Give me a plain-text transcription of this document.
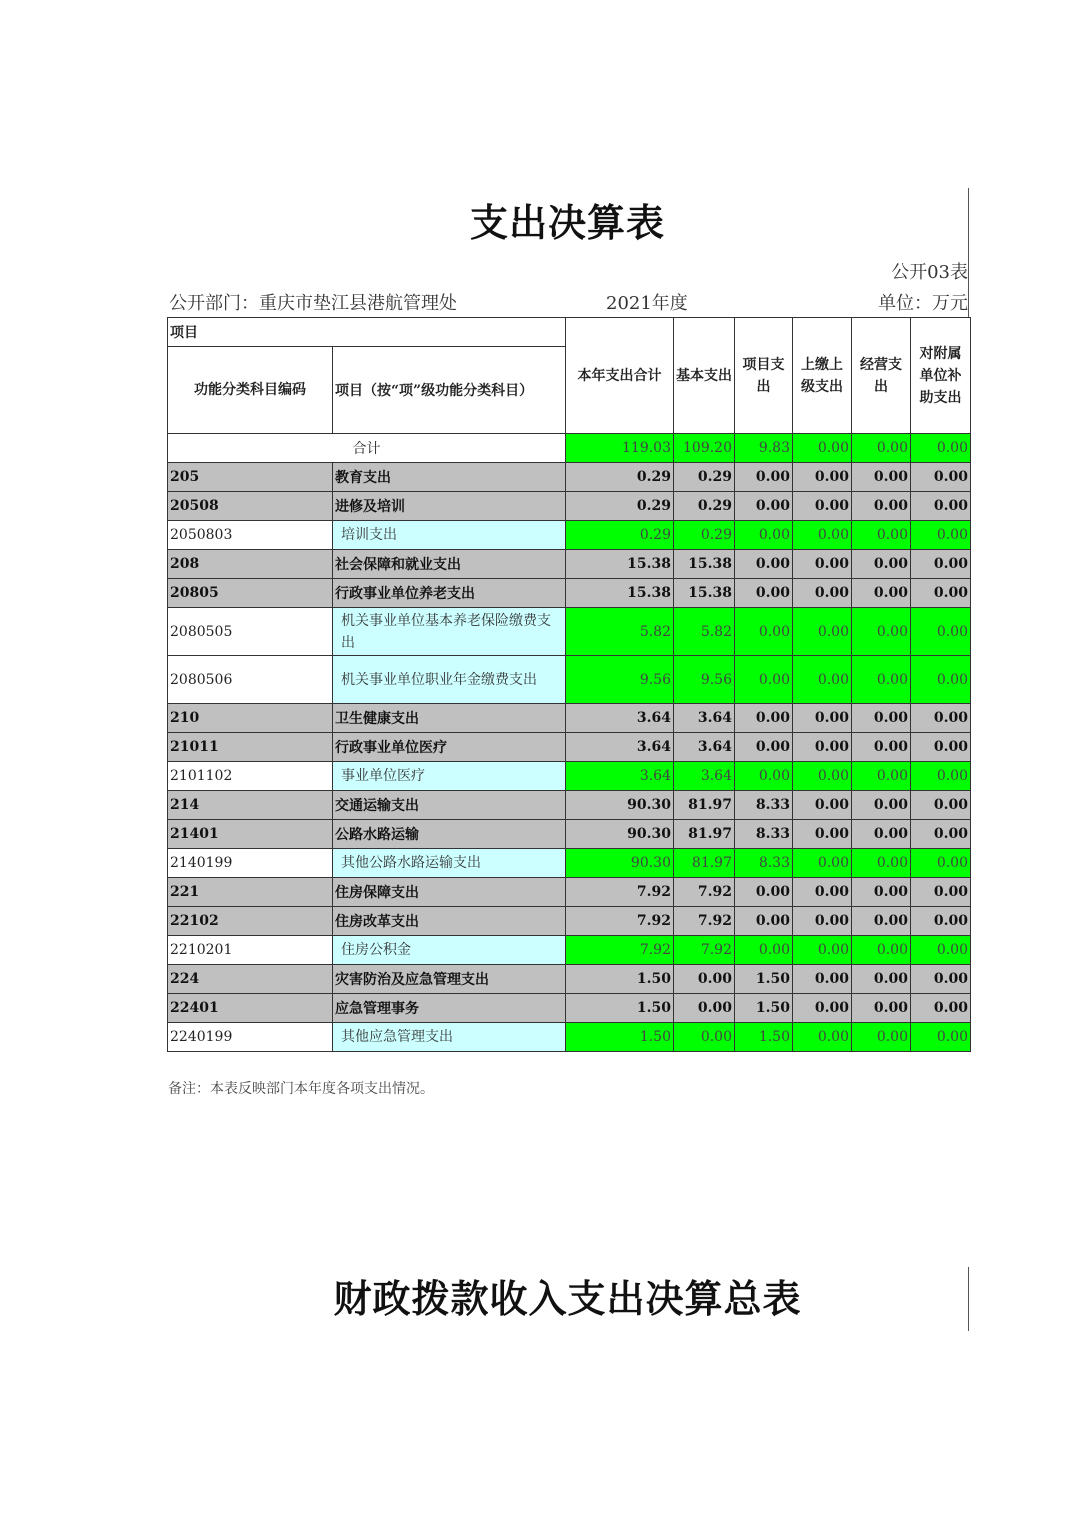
支出决算表
公开03表
公开部门：重庆市垫江县港航管理处	2021年度	单位：万元
项目		本年支出合计	基本支出	项目支出	上缴上级支出	经营支出	对附属单位补助支出
功能分类科目编码	项目（按“项”级功能分类科目）						
合计		119.03	109.20	9.83	0.00	0.00	0.00
205	教育支出	0.29	0.29	0.00	0.00	0.00	0.00
20508	进修及培训	0.29	0.29	0.00	0.00	0.00	0.00
2050803	培训支出	0.29	0.29	0.00	0.00	0.00	0.00
208	社会保障和就业支出	15.38	15.38	0.00	0.00	0.00	0.00
20805	行政事业单位养老支出	15.38	15.38	0.00	0.00	0.00	0.00
2080505	机关事业单位基本养老保险缴费支出	5.82	5.82	0.00	0.00	0.00	0.00
2080506	机关事业单位职业年金缴费支出	9.56	9.56	0.00	0.00	0.00	0.00
210	卫生健康支出	3.64	3.64	0.00	0.00	0.00	0.00
21011	行政事业单位医疗	3.64	3.64	0.00	0.00	0.00	0.00
2101102	事业单位医疗	3.64	3.64	0.00	0.00	0.00	0.00
214	交通运输支出	90.30	81.97	8.33	0.00	0.00	0.00
21401	公路水路运输	90.30	81.97	8.33	0.00	0.00	0.00
2140199	其他公路水路运输支出	90.30	81.97	8.33	0.00	0.00	0.00
221	住房保障支出	7.92	7.92	0.00	0.00	0.00	0.00
22102	住房改革支出	7.92	7.92	0.00	0.00	0.00	0.00
2210201	住房公积金	7.92	7.92	0.00	0.00	0.00	0.00
224	灾害防治及应急管理支出	1.50	0.00	1.50	0.00	0.00	0.00
22401	应急管理事务	1.50	0.00	1.50	0.00	0.00	0.00
2240199	其他应急管理支出	1.50	0.00	1.50	0.00	0.00	0.00
备注：本表反映部门本年度各项支出情况。
财政拨款收入支出决算总表
